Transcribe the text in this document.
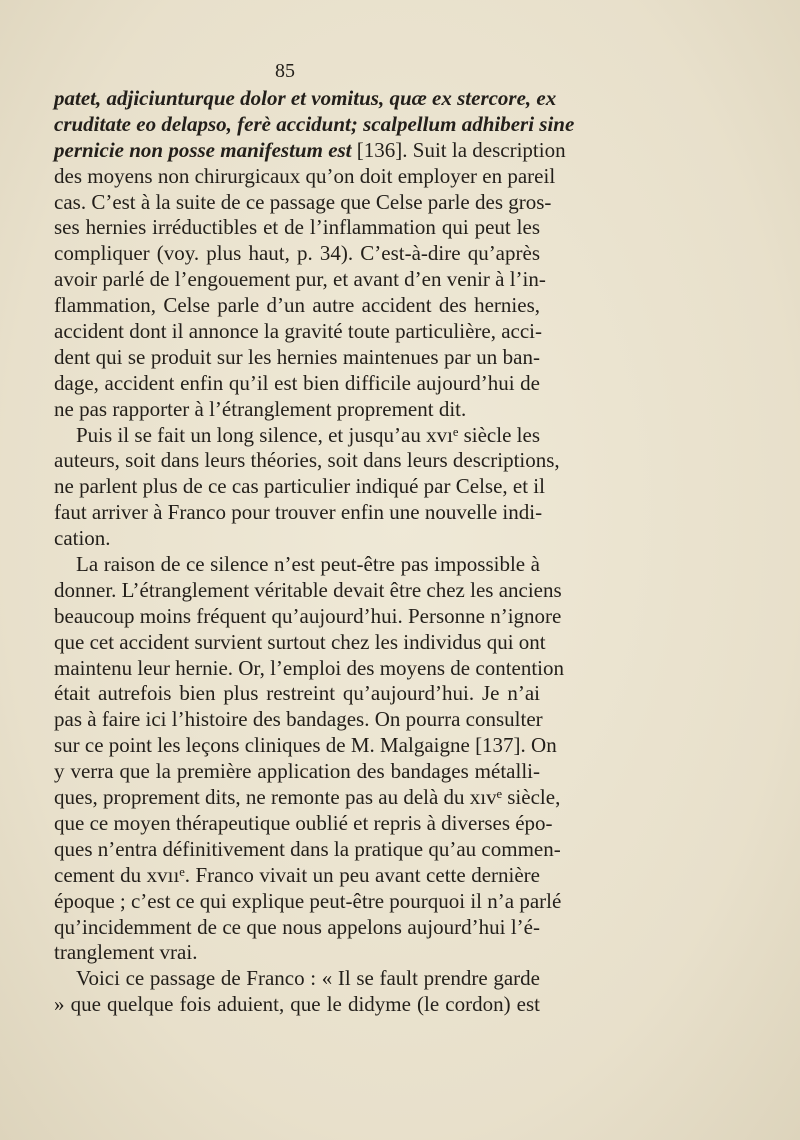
85
patet, adjiciunturque dolor et vomitus, quæ ex stercore, ex
cruditate eo delapso, ferè accidunt; scalpellum adhiberi sine
pernicie non posse manifestum est [136]. Suit la description
des moyens non chirurgicaux qu’on doit employer en pareil
cas. C’est à la suite de ce passage que Celse parle des gros-
ses hernies irréductibles et de l’inflammation qui peut les
compliquer (voy. plus haut, p. 34). C’est-à-dire qu’après
avoir parlé de l’engouement pur, et avant d’en venir à l’in-
flammation, Celse parle d’un autre accident des hernies,
accident dont il annonce la gravité toute particulière, acci-
dent qui se produit sur les hernies maintenues par un ban-
dage, accident enfin qu’il est bien difficile aujourd’hui de
ne pas rapporter à l’étranglement proprement dit.
Puis il se fait un long silence, et jusqu’au xvıᵉ siècle les
auteurs, soit dans leurs théories, soit dans leurs descriptions,
ne parlent plus de ce cas particulier indiqué par Celse, et il
faut arriver à Franco pour trouver enfin une nouvelle indi-
cation.
La raison de ce silence n’est peut-être pas impossible à
donner. L’étranglement véritable devait être chez les anciens
beaucoup moins fréquent qu’aujourd’hui. Personne n’ignore
que cet accident survient surtout chez les individus qui ont
maintenu leur hernie. Or, l’emploi des moyens de contention
était autrefois bien plus restreint qu’aujourd’hui. Je n’ai
pas à faire ici l’histoire des bandages. On pourra consulter
sur ce point les leçons cliniques de M. Malgaigne [137]. On
y verra que la première application des bandages métalli-
ques, proprement dits, ne remonte pas au delà du xıvᵉ siècle,
que ce moyen thérapeutique oublié et repris à diverses épo-
ques n’entra définitivement dans la pratique qu’au commen-
cement du xvııᵉ. Franco vivait un peu avant cette dernière
époque ; c’est ce qui explique peut-être pourquoi il n’a parlé
qu’incidemment de ce que nous appelons aujourd’hui l’é-
tranglement vrai.
Voici ce passage de Franco : « Il se fault prendre garde
» que quelque fois aduient, que le didyme (le cordon) est
